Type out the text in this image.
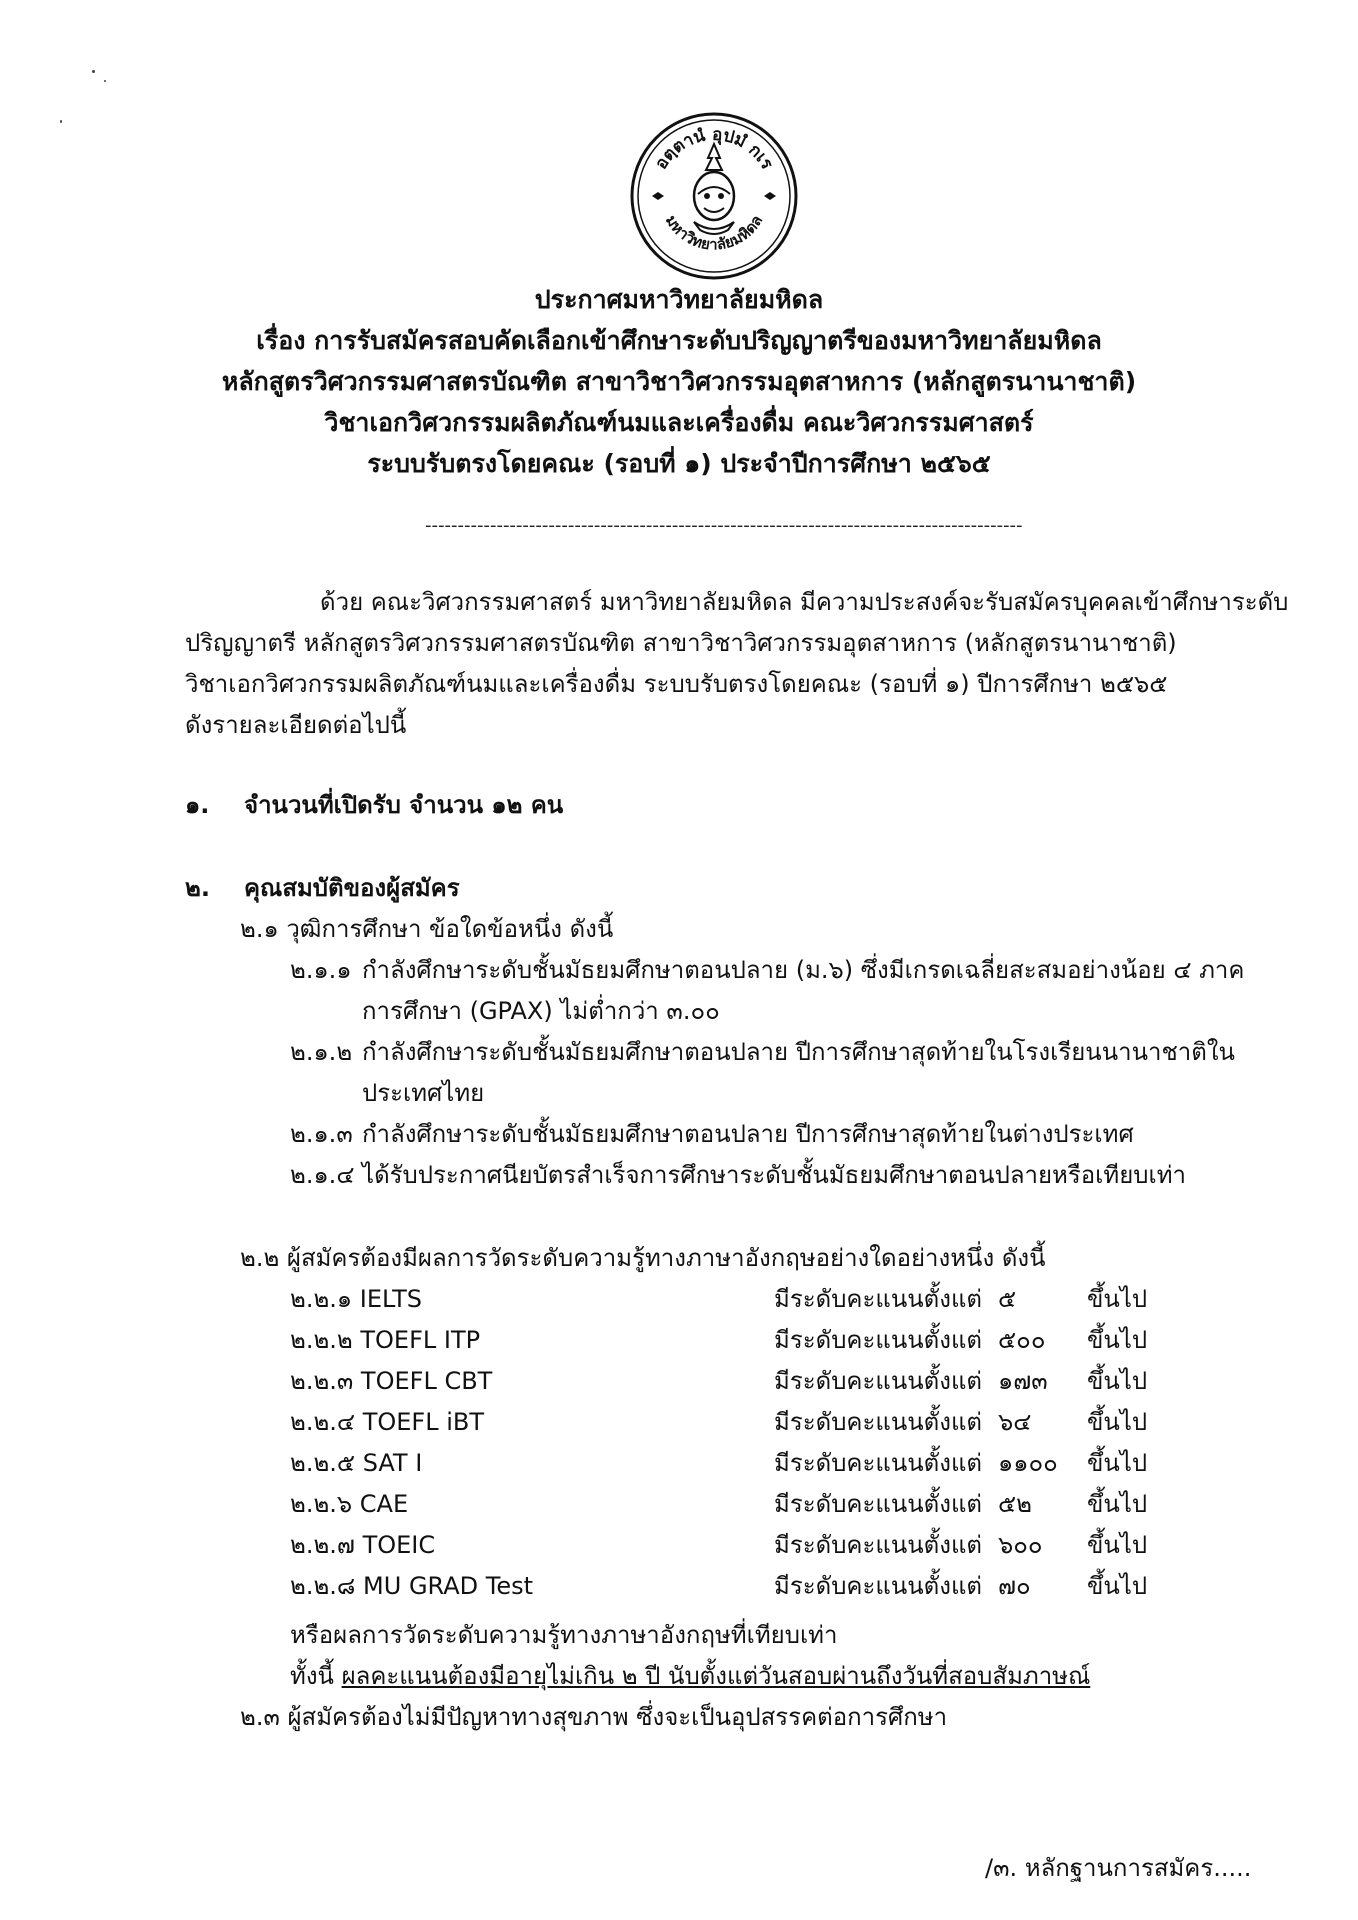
อตฺตานํ อุปมํ กเร
มหาวิทยาลัยมหิดล
ประกาศมหาวิทยาลัยมหิดล
เรื่อง การรับสมัครสอบคัดเลือกเข้าศึกษาระดับปริญญาตรีของมหาวิทยาลัยมหิดล
หลักสูตรวิศวกรรมศาสตรบัณฑิต สาขาวิชาวิศวกรรมอุตสาหการ (หลักสูตรนานาชาติ)
วิชาเอกวิศวกรรมผลิตภัณฑ์นมและเครื่องดื่ม คณะวิศวกรรมศาสตร์
ระบบรับตรงโดยคณะ (รอบที่ ๑) ประจำปีการศึกษา ๒๕๖๕
--------------------------------------------------------------------------------------------
ด้วย คณะวิศวกรรมศาสตร์ มหาวิทยาลัยมหิดล มีความประสงค์จะรับสมัครบุคคลเข้าศึกษาระดับ
ปริญญาตรี หลักสูตรวิศวกรรมศาสตรบัณฑิต สาขาวิชาวิศวกรรมอุตสาหการ (หลักสูตรนานาชาติ)
วิชาเอกวิศวกรรมผลิตภัณฑ์นมและเครื่องดื่ม ระบบรับตรงโดยคณะ (รอบที่ ๑) ปีการศึกษา ๒๕๖๕
ดังรายละเอียดต่อไปนี้
๑. จำนวนที่เปิดรับ จำนวน ๑๒ คน
๒. คุณสมบัติของผู้สมัคร
๒.๑ วุฒิการศึกษา ข้อใดข้อหนึ่ง ดังนี้
๒.๑.๑ กำลังศึกษาระดับชั้นมัธยมศึกษาตอนปลาย (ม.๖) ซึ่งมีเกรดเฉลี่ยสะสมอย่างน้อย ๔ ภาค
การศึกษา (GPAX) ไม่ต่ำกว่า ๓.๐๐
๒.๑.๒ กำลังศึกษาระดับชั้นมัธยมศึกษาตอนปลาย ปีการศึกษาสุดท้ายในโรงเรียนนานาชาติใน
ประเทศไทย
๒.๑.๓ กำลังศึกษาระดับชั้นมัธยมศึกษาตอนปลาย ปีการศึกษาสุดท้ายในต่างประเทศ
๒.๑.๔ ได้รับประกาศนียบัตรสำเร็จการศึกษาระดับชั้นมัธยมศึกษาตอนปลายหรือเทียบเท่า
๒.๒ ผู้สมัครต้องมีผลการวัดระดับความรู้ทางภาษาอังกฤษอย่างใดอย่างหนึ่ง ดังนี้
๒.๒.๑ IELTS	มีระดับคะแนนตั้งแต่ ๕	ขึ้นไป
๒.๒.๒ TOEFL ITP	มีระดับคะแนนตั้งแต่ ๕๐๐ ขึ้นไป
๒.๒.๓ TOEFL CBT	มีระดับคะแนนตั้งแต่ ๑๗๓ ขึ้นไป
๒.๒.๔ TOEFL iBT	มีระดับคะแนนตั้งแต่ ๖๔ ขึ้นไป
๒.๒.๕ SAT I	มีระดับคะแนนตั้งแต่ ๑๑๐๐ ขึ้นไป
๒.๒.๖ CAE	มีระดับคะแนนตั้งแต่ ๕๒ ขึ้นไป
๒.๒.๗ TOEIC	มีระดับคะแนนตั้งแต่ ๖๐๐ ขึ้นไป
๒.๒.๘ MU GRAD Test	มีระดับคะแนนตั้งแต่ ๗๐ ขึ้นไป
หรือผลการวัดระดับความรู้ทางภาษาอังกฤษที่เทียบเท่า
ทั้งนี้ ผลคะแนนต้องมีอายุไม่เกิน ๒ ปี นับตั้งแต่วันสอบผ่านถึงวันที่สอบสัมภาษณ์
๒.๓ ผู้สมัครต้องไม่มีปัญหาทางสุขภาพ ซึ่งจะเป็นอุปสรรคต่อการศึกษา
/๓. หลักฐานการสมัคร.....
